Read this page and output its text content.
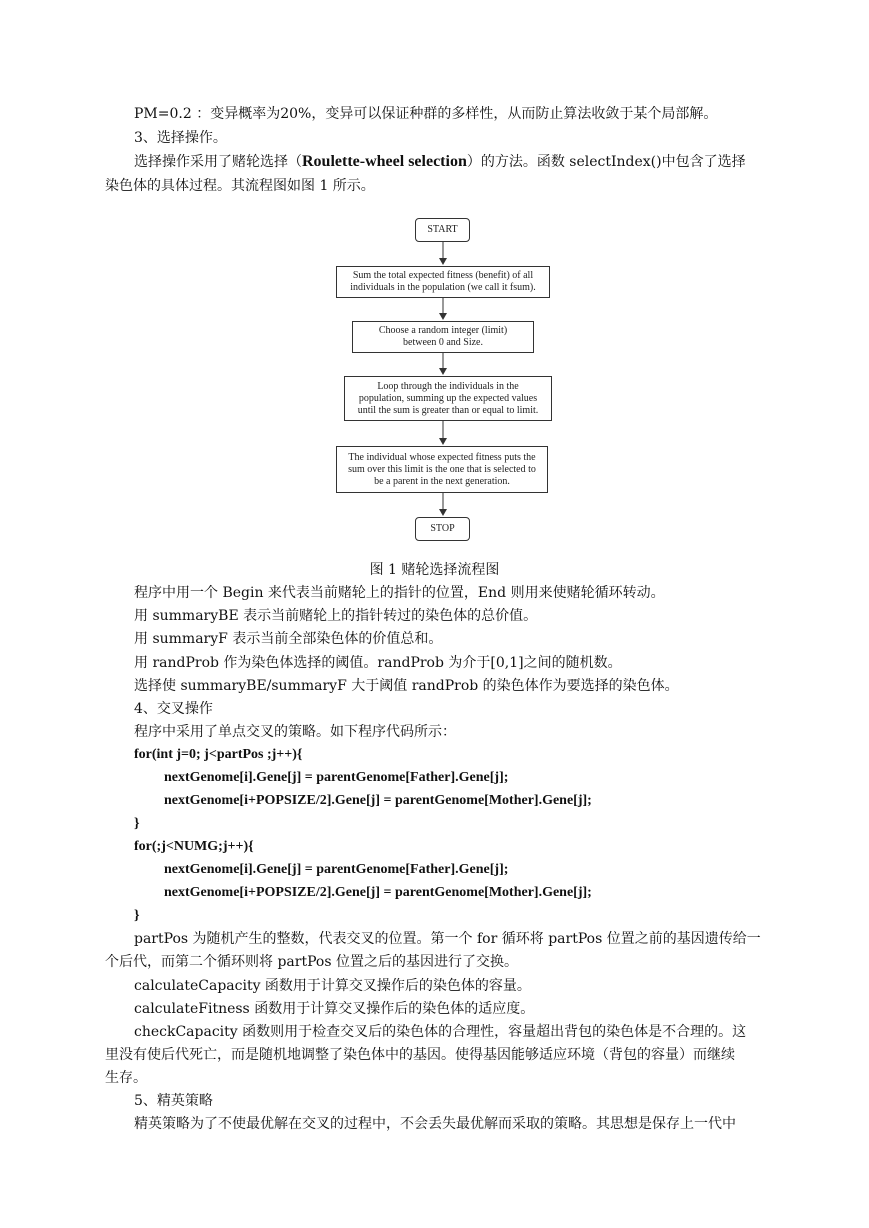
PM=0.2 ：变异概率为20%，变异可以保证种群的多样性，从而防止算法收敛于某个局部解。
3、选择操作。
选择操作采用了赌轮选择（Roulette-wheel selection）的方法。函数 selectIndex()中包含了选择
染色体的具体过程。其流程图如图 1 所示。
START
Sum the total expected fitness (benefit) of all
individuals in the population (we call it fsum).
Choose a random integer (limit)
between 0 and Size.
Loop through the individuals in the
population, summing up the expected values
until the sum is greater than or equal to limit.
The individual whose expected fitness puts the
sum over this limit is the one that is selected to
be a parent in the next generation.
STOP
图 1 赌轮选择流程图
程序中用一个 Begin 来代表当前赌轮上的指针的位置，End 则用来使赌轮循环转动。
用 summaryBE 表示当前赌轮上的指针转过的染色体的总价值。
用 summaryF 表示当前全部染色体的价值总和。
用 randProb 作为染色体选择的阈值。randProb 为介于[0,1]之间的随机数。
选择使 summaryBE/summaryF 大于阈值 randProb 的染色体作为要选择的染色体。
4、交叉操作
程序中采用了单点交叉的策略。如下程序代码所示：
for(int j=0; j<partPos ;j++){
nextGenome[i].Gene[j] = parentGenome[Father].Gene[j];
nextGenome[i+POPSIZE/2].Gene[j] = parentGenome[Mother].Gene[j];
}
for(;j<NUMG;j++){
nextGenome[i].Gene[j] = parentGenome[Father].Gene[j];
nextGenome[i+POPSIZE/2].Gene[j] = parentGenome[Mother].Gene[j];
}
partPos 为随机产生的整数，代表交叉的位置。第一个 for 循环将 partPos 位置之前的基因遗传给一
个后代，而第二个循环则将 partPos 位置之后的基因进行了交换。
calculateCapacity 函数用于计算交叉操作后的染色体的容量。
calculateFitness 函数用于计算交叉操作后的染色体的适应度。
checkCapacity 函数则用于检查交叉后的染色体的合理性，容量超出背包的染色体是不合理的。这
里没有使后代死亡，而是随机地调整了染色体中的基因。使得基因能够适应环境（背包的容量）而继续
生存。
5、精英策略
精英策略为了不使最优解在交叉的过程中，不会丢失最优解而采取的策略。其思想是保存上一代中
